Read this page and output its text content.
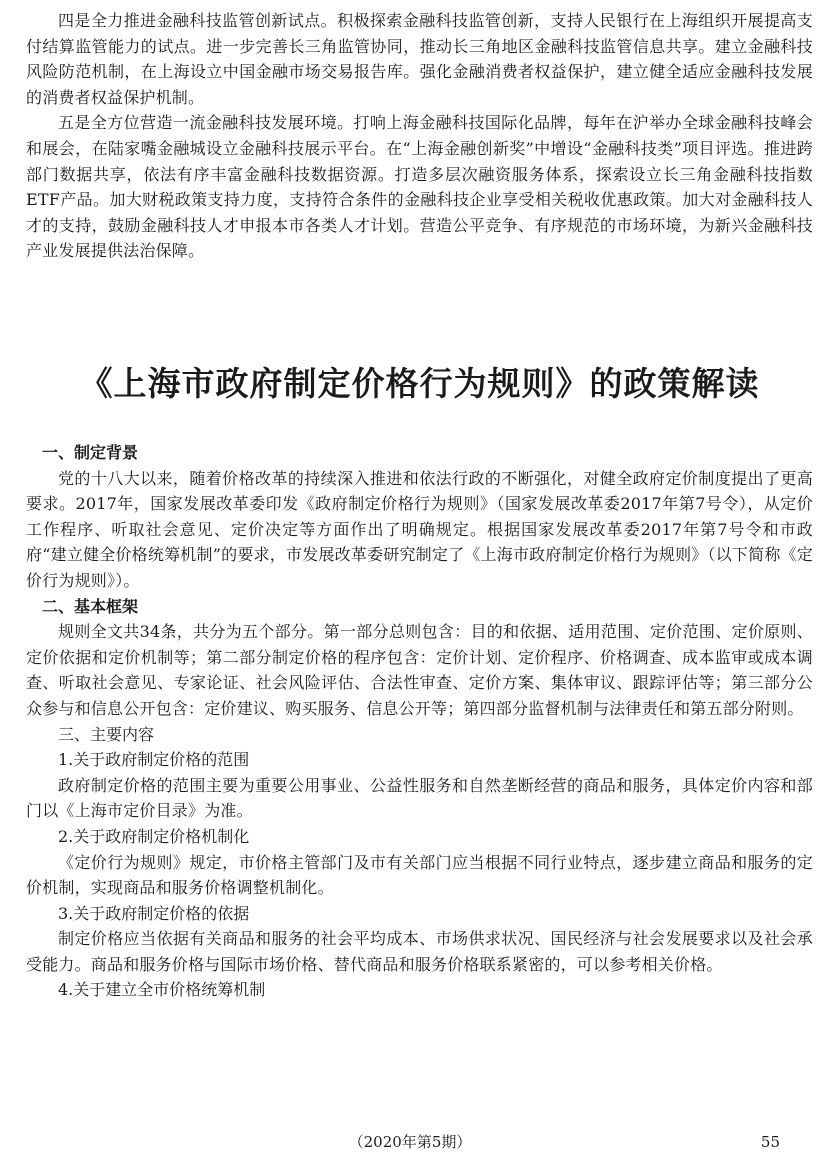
四是全力推进金融科技监管创新试点。积极探索金融科技监管创新，支持人民银行在上海组织开展提高支付结算监管能力的试点。进一步完善长三角监管协同，推动长三角地区金融科技监管信息共享。建立金融科技风险防范机制，在上海设立中国金融市场交易报告库。强化金融消费者权益保护，建立健全适应金融科技发展的消费者权益保护机制。

五是全方位营造一流金融科技发展环境。打响上海金融科技国际化品牌，每年在沪举办全球金融科技峰会和展会，在陆家嘴金融城设立金融科技展示平台。在“上海金融创新奖”中增设“金融科技类”项目评选。推进跨部门数据共享，依法有序丰富金融科技数据资源。打造多层次融资服务体系，探索设立长三角金融科技指数ETF产品。加大财税政策支持力度，支持符合条件的金融科技企业享受相关税收优惠政策。加大对金融科技人才的支持，鼓励金融科技人才申报本市各类人才计划。营造公平竞争、有序规范的市场环境，为新兴金融科技产业发展提供法治保障。

《上海市政府制定价格行为规则》的政策解读
一、制定背景

党的十八大以来，随着价格改革的持续深入推进和依法行政的不断强化，对健全政府定价制度提出了更高要求。2017年，国家发展改革委印发《政府制定价格行为规则》（国家发展改革委2017年第7号令），从定价工作程序、听取社会意见、定价决定等方面作出了明确规定。根据国家发展改革委2017年第7号令和市政府“建立健全价格统筹机制”的要求，市发展改革委研究制定了《上海市政府制定价格行为规则》（以下简称《定价行为规则》）。

二、基本框架

规则全文共34条，共分为五个部分。第一部分总则包含：目的和依据、适用范围、定价范围、定价原则、定价依据和定价机制等；第二部分制定价格的程序包含：定价计划、定价程序、价格调查、成本监审或成本调查、听取社会意见、专家论证、社会风险评估、合法性审查、定价方案、集体审议、跟踪评估等；第三部分公众参与和信息公开包含：定价建议、购买服务、信息公开等；第四部分监督机制与法律责任和第五部分附则。

三、主要内容
1.关于政府制定价格的范围

政府制定价格的范围主要为重要公用事业、公益性服务和自然垄断经营的商品和服务，具体定价内容和部门以《上海市定价目录》为准。

2.关于政府制定价格机制化

《定价行为规则》规定，市价格主管部门及市有关部门应当根据不同行业特点，逐步建立商品和服务的定价机制，实现商品和服务价格调整机制化。

3.关于政府制定价格的依据

制定价格应当依据有关商品和服务的社会平均成本、市场供求状况、国民经济与社会发展要求以及社会承受能力。商品和服务价格与国际市场价格、替代商品和服务价格联系紧密的，可以参考相关价格。

4.关于建立全市价格统筹机制
（2020年第5期）	55
